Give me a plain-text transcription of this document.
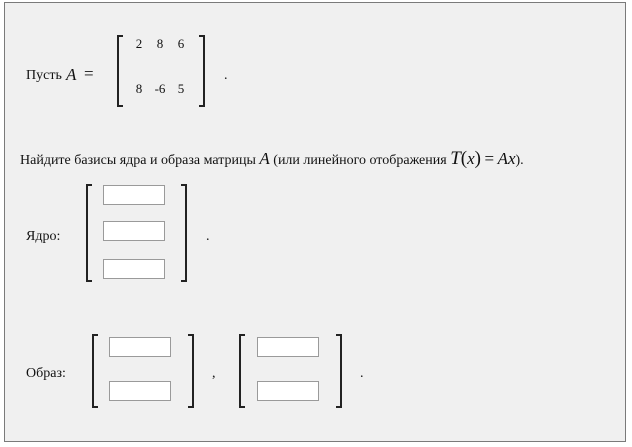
Пусть A =
2	8	6
8 -6 5
.
Найдите базисы ядра и образа матрицы A (или линейного отображения T(x) = Ax).
Ядро:	.
Образ:	,	.
